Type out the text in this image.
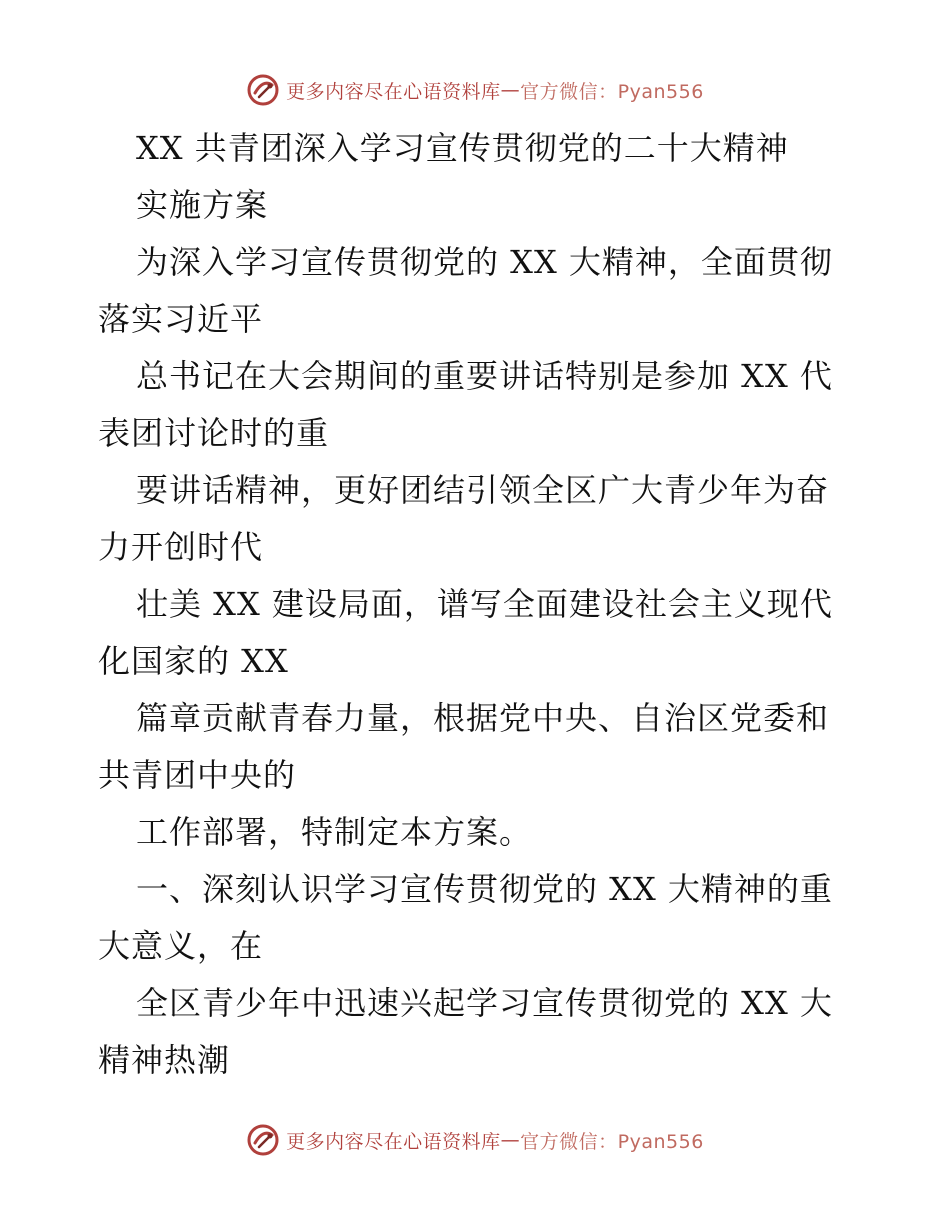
更多内容尽在心语资料库 — 官方微信：Pyan556
XX 共青团深入学习宣传贯彻党的二十大精神
实施方案
为深入学习宣传贯彻党的 XX 大精神，全面贯彻
落实习近平
总书记在大会期间的重要讲话特别是参加 XX 代
表团讨论时的重
要讲话精神，更好团结引领全区广大青少年为奋
力开创时代
壮美 XX 建设局面，谱写全面建设社会主义现代
化国家的 XX
篇章贡献青春力量，根据党中央、自治区党委和
共青团中央的
工作部署，特制定本方案。
一、深刻认识学习宣传贯彻党的 XX 大精神的重
大意义，在
全区青少年中迅速兴起学习宣传贯彻党的 XX 大
精神热潮
更多内容尽在心语资料库 — 官方微信：Pyan556
